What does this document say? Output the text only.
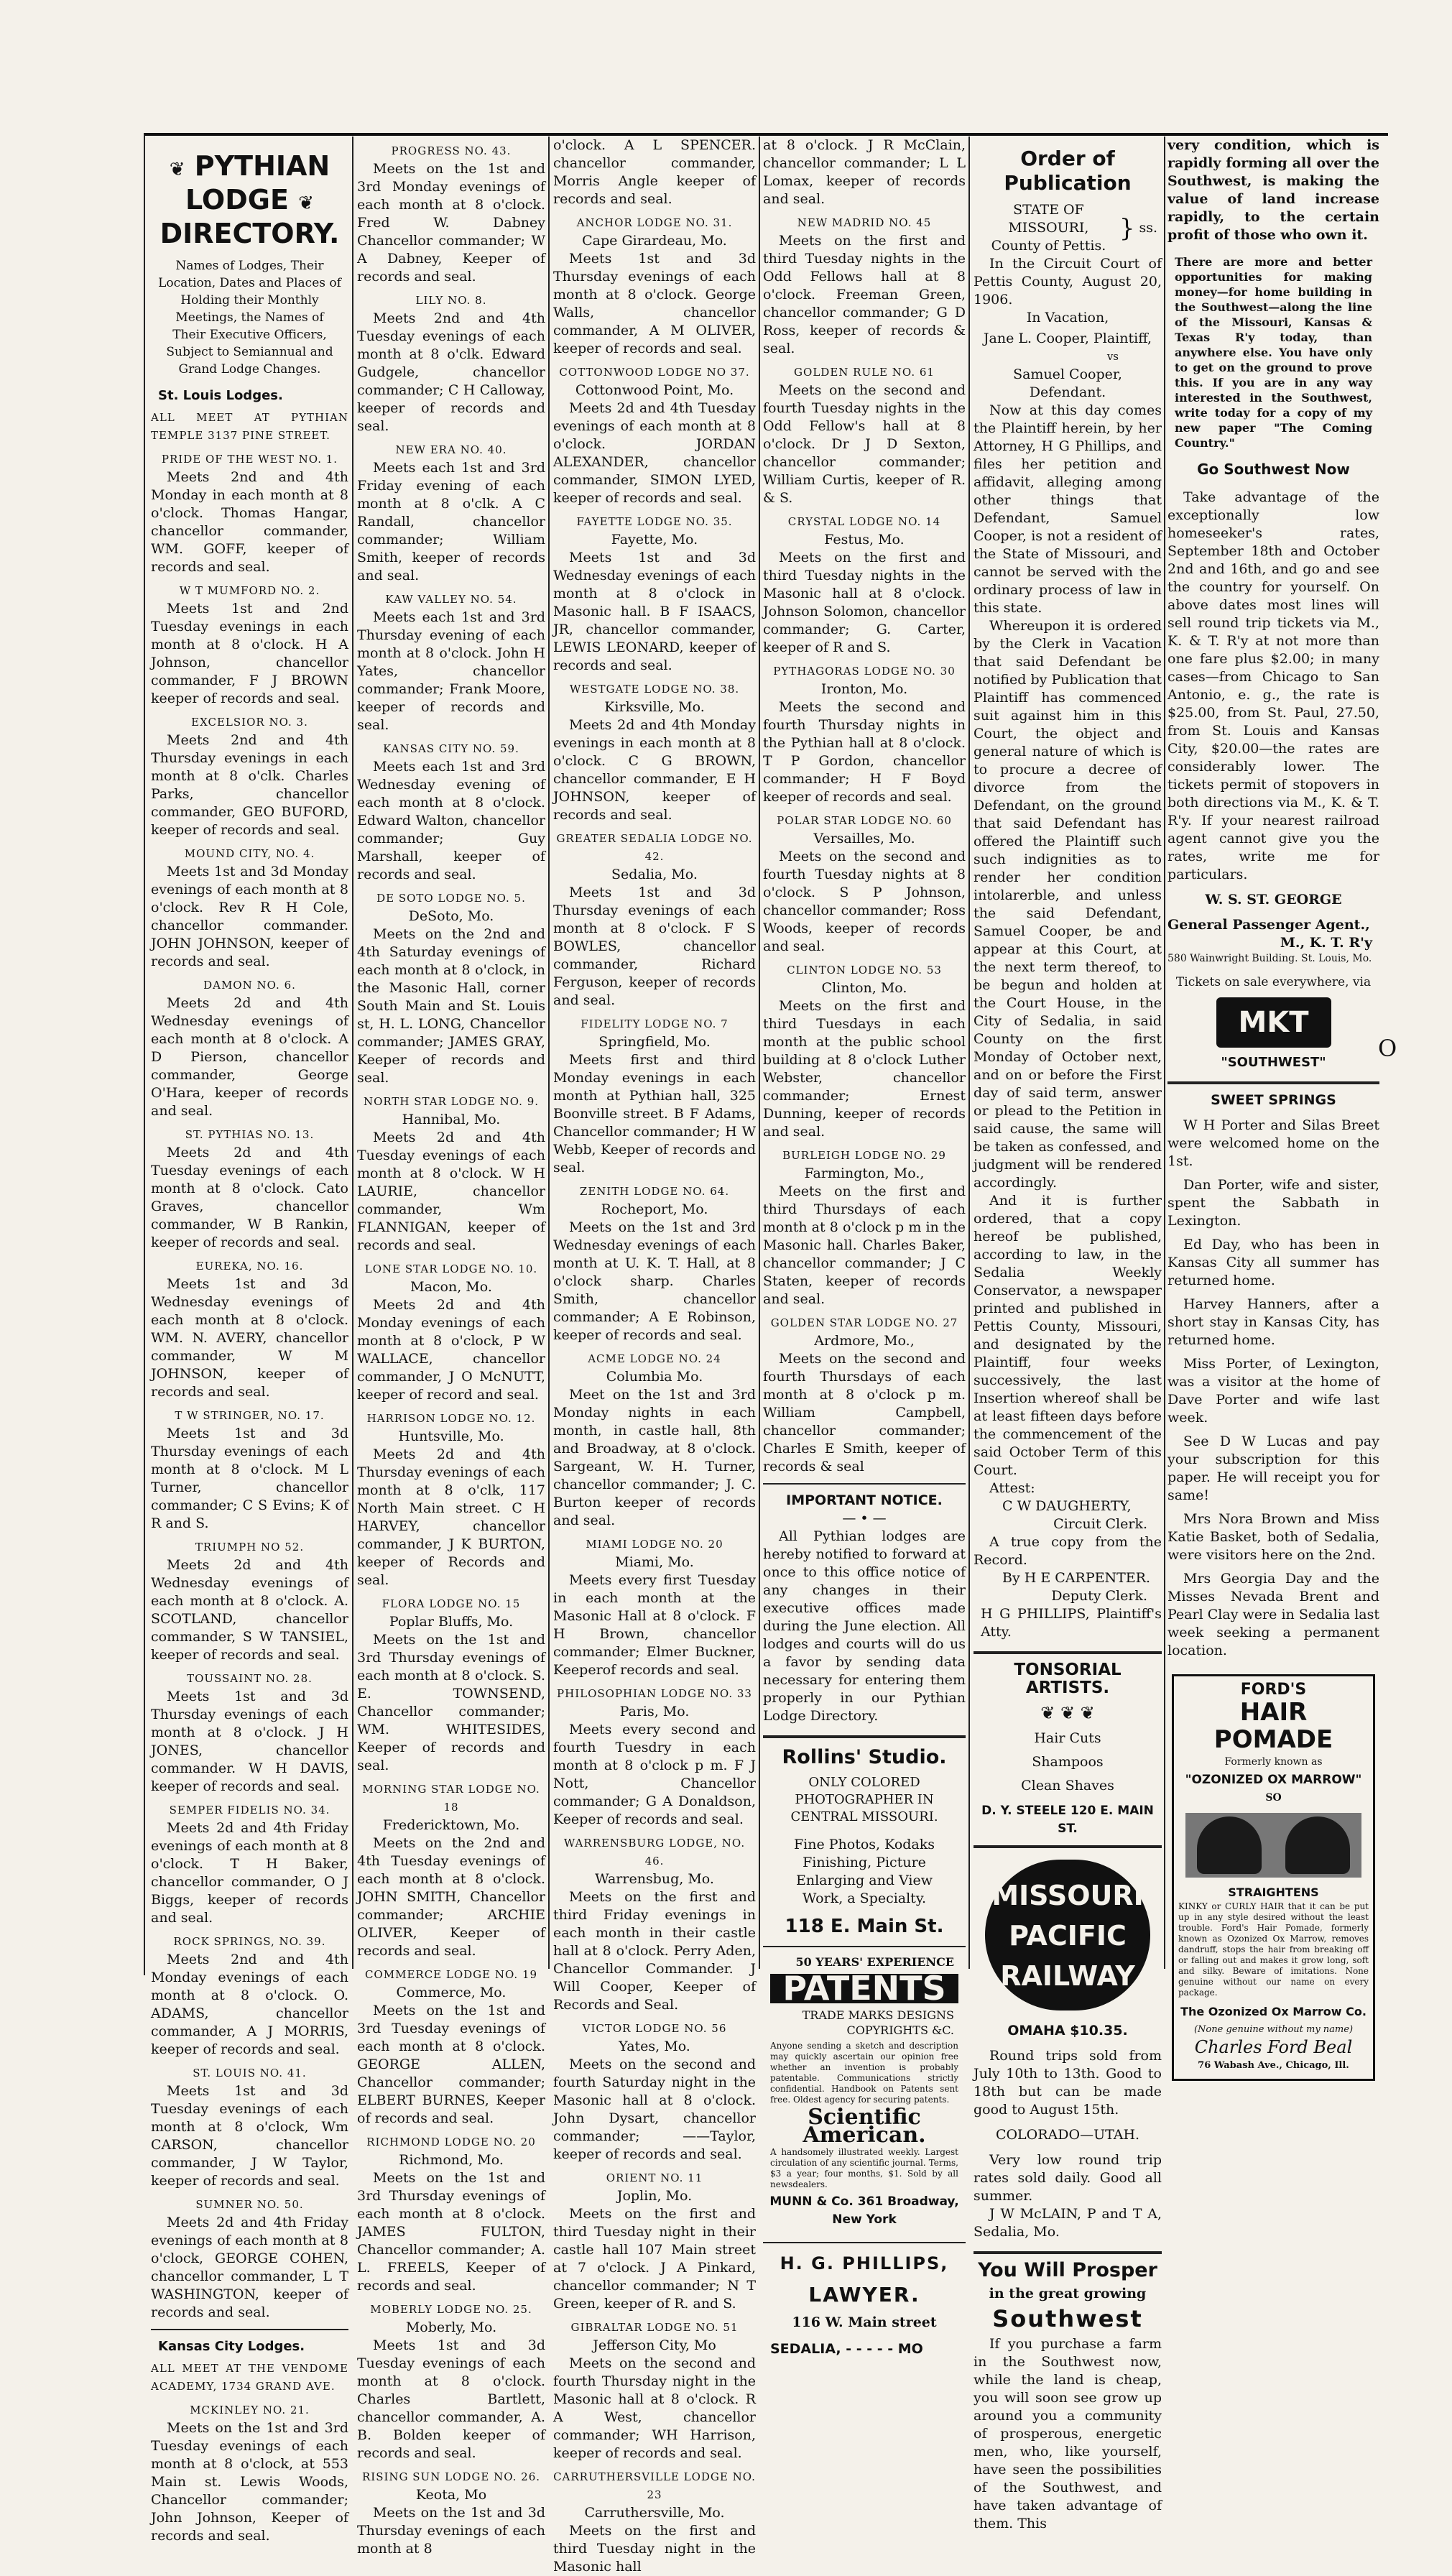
❦ PYTHIAN LODGE ❦
DIRECTORY.
Names of Lodges, Their Location, Dates and Places of Holding their Monthly Meetings, the Names of Their Executive Officers, Subject to Semiannual and Grand Lodge Changes.
St. Louis Lodges.
ALL MEET AT PYTHIAN TEMPLE 3137 PINE STREET.
PRIDE OF THE WEST NO. 1.
Meets 2nd and 4th Monday in each month at 8 o'clock. Thomas Hangar, chancellor commander, WM. GOFF, keeper of records and seal.
W T MUMFORD NO. 2.
Meets 1st and 2nd Tuesday evenings in each month at 8 o'clock. H A Johnson, chancellor commander, F J BROWN keeper of records and seal.
EXCELSIOR NO. 3.
Meets 2nd and 4th Thursday evenings in each month at 8 o'clk. Charles Parks, chancellor commander, GEO BUFORD, keeper of records and seal.
MOUND CITY, NO. 4.
Meets 1st and 3d Monday evenings of each month at 8 o'clock. Rev R H Cole, chancellor commander. JOHN JOHNSON, keeper of records and seal.
DAMON NO. 6.
Meets 2d and 4th Wednesday evenings of each month at 8 o'clock. A D Pierson, chancellor commander, George O'Hara, keeper of records and seal.
ST. PYTHIAS NO. 13.
Meets 2d and 4th Tuesday evenings of each month at 8 o'clock. Cato Graves, chancellor commander, W B Rankin, keeper of records and seal.
EUREKA, NO. 16.
Meets 1st and 3d Wednesday evenings of each month at 8 o'clock. WM. N. AVERY, chancellor commander, W M JOHNSON, keeper of records and seal.
T W STRINGER, NO. 17.
Meets 1st and 3d Thursday evenings of each month at 8 o'clock. M L Turner, chancellor commander; C S Evins; K of R and S.
TRIUMPH NO 52.
Meets 2d and 4th Wednesday evenings of each month at 8 o'clock. A. SCOTLAND, chancellor commander, S W TANSIEL, keeper of records and seal.
TOUSSAINT NO. 28.
Meets 1st and 3d Thursday evenings of each month at 8 o'clock. J H JONES, chancellor commander. W H DAVIS, keeper of records and seal.
SEMPER FIDELIS NO. 34.
Meets 2d and 4th Friday evenings of each month at 8 o'clock. T H Baker, chancellor commander, O J Biggs, keeper of records and seal.
ROCK SPRINGS, NO. 39.
Meets 2nd and 4th Monday evenings of each month at 8 o'clock. O. ADAMS, chancellor commander, A J MORRIS, keeper of records and seal.
ST. LOUIS NO. 41.
Meets 1st and 3d Tuesday evenings of each month at 8 o'clock, Wm CARSON, chancellor commander, J W Taylor, keeper of records and seal.
SUMNER NO. 50.
Meets 2d and 4th Friday evenings of each month at 8 o'clock, GEORGE COHEN, chancellor commander, L T WASHINGTON, keeper of records and seal.
Kansas City Lodges.
ALL MEET AT THE VENDOME ACADEMY, 1734 GRAND AVE.
MCKINLEY NO. 21.
Meets on the 1st and 3rd Tuesday evenings of each month at 8 o'clock, at 553 Main st. Lewis Woods, Chancellor commander; John Johnson, Keeper of records and seal.
PROGRESS NO. 43.
Meets on the 1st and 3rd Monday evenings of each month at 8 o'clock. Fred W. Dabney Chancellor commander; W A Dabney, Keeper of records and seal.
LILY NO. 8.
Meets 2nd and 4th Tuesday evenings of each month at 8 o'clk. Edward Gudgele, chancellor commander; C H Calloway, keeper of records and seal.
NEW ERA NO. 40.
Meets each 1st and 3rd Friday evening of each month at 8 o'clk. A C Randall, chancellor commander; William Smith, keeper of records and seal.
KAW VALLEY NO. 54.
Meets each 1st and 3rd Thursday evening of each month at 8 o'clock. John H Yates, chancellor commander; Frank Moore, keeper of records and seal.
KANSAS CITY NO. 59.
Meets each 1st and 3rd Wednesday evening of each month at 8 o'clock. Edward Walton, chancellor commander; Guy Marshall, keeper of records and seal.
DE SOTO LODGE NO. 5.
DeSoto, Mo.
Meets on the 2nd and 4th Saturday evenings of each month at 8 o'clock, in the Masonic Hall, corner South Main and St. Louis st, H. L. LONG, Chancellor commander; JAMES GRAY, Keeper of records and seal.
NORTH STAR LODGE NO. 9.
Hannibal, Mo.
Meets 2d and 4th Tuesday evenings of each month at 8 o'clock. W H LAURIE, chancellor commander, Wm FLANNIGAN, keeper of records and seal.
LONE STAR LODGE NO. 10.
Macon, Mo.
Meets 2d and 4th Monday evenings of each month at 8 o'clock, P W WALLACE, chancellor commander, J O McNUTT, keeper of record and seal.
HARRISON LODGE NO. 12.
Huntsville, Mo.
Meets 2d and 4th Thursday evenings of each month at 8 o'clk, 117 North Main street. C H HARVEY, chancellor commander, J K BURTON, keeper of Records and seal.
FLORA LODGE NO. 15
Poplar Bluffs, Mo.
Meets on the 1st and 3rd Thursday evenings of each month at 8 o'clock. S. E. TOWNSEND, Chancellor commander; WM. WHITESIDES, Keeper of records and seal.
MORNING STAR LODGE NO. 18
Fredericktown, Mo.
Meets on the 2nd and 4th Tuesday evenings of each month at 8 o'clock. JOHN SMITH, Chancellor commander; ARCHIE OLIVER, Keeper of records and seal.
COMMERCE LODGE NO. 19
Commerce, Mo.
Meets on the 1st and 3rd Tuesday evenings of each month at 8 o'clock. GEORGE ALLEN, Chancellor commander; ELBERT BURNES, Keeper of records and seal.
RICHMOND LODGE NO. 20
Richmond, Mo.
Meets on the 1st and 3rd Thursday evenings of each month at 8 o'clock. JAMES FULTON, Chancellor commander; A. L. FREELS, Keeper of records and seal.
MOBERLY LODGE NO. 25.
Moberly, Mo.
Meets 1st and 3d Tuesday evenings of each month at 8 o'clock. Charles Bartlett, chancellor commander, A. B. Bolden keeper of records and seal.
RISING SUN LODGE NO. 26.
Keota, Mo
Meets on the 1st and 3d Thursday evenings of each month at 8
o'clock. A L SPENCER. chancellor commander, Morris Angle keeper of records and seal.
ANCHOR LODGE NO. 31.
Cape Girardeau, Mo.
Meets 1st and 3d Thursday evenings of each month at 8 o'clock. George Walls, chancellor commander, A M OLIVER, keeper of records and seal.
COTTONWOOD LODGE NO 37.
Cottonwood Point, Mo.
Meets 2d and 4th Tuesday evenings of each month at 8 o'clock. JORDAN ALEXANDER, chancellor commander, SIMON LYED, keeper of records and seal.
FAYETTE LODGE NO. 35.
Fayette, Mo.
Meets 1st and 3d Wednesday evenings of each month at 8 o'clock in Masonic hall. B F ISAACS, JR, chancellor commander, LEWIS LEONARD, keeper of records and seal.
WESTGATE LODGE NO. 38.
Kirksville, Mo.
Meets 2d and 4th Monday evenings in each month at 8 o'clock. C G BROWN, chancellor commander, E H JOHNSON, keeper of records and seal.
GREATER SEDALIA LODGE NO. 42.
Sedalia, Mo.
Meets 1st and 3d Thursday evenings of each month at 8 o'clock. F S BOWLES, chancellor commander, Richard Ferguson, keeper of records and seal.
FIDELITY LODGE NO. 7
Springfield, Mo.
Meets first and third Monday evenings in each month at Pythian hall, 325 Boonville street. B F Adams, Chancellor commander; H W Webb, Keeper of records and seal.
ZENITH LODGE NO. 64.
Rocheport, Mo.
Meets on the 1st and 3rd Wednesday evenings of each month at U. K. T. Hall, at 8 o'clock sharp. Charles Smith, chancellor commander; A E Robinson, keeper of records and seal.
ACME LODGE NO. 24
Columbia Mo.
Meet on the 1st and 3rd Monday nights in each month, in castle hall, 8th and Broadway, at 8 o'clock. Sargeant, W. H. Turner, chancellor commander; J. C. Burton keeper of records and seal.
MIAMI LODGE NO. 20
Miami, Mo.
Meets every first Tuesday in each month at the Masonic Hall at 8 o'clock. F H Brown, chancellor commander; Elmer Buckner, Keeperof records and seal.
PHILOSOPHIAN LODGE NO. 33
Paris, Mo.
Meets every second and fourth Tuesdry in each month at 8 o'clock p m. F J Nott, Chancellor commander; G A Donaldson, Keeper of records and seal.
WARRENSBURG LODGE, NO. 46.
Warrensbug, Mo.
Meets on the first and third Friday evenings in each month in their castle hall at 8 o'clock. Perry Aden, Chancellor Commander. J Will Cooper, Keeper of Records and Seal.
VICTOR LODGE NO. 56
Yates, Mo.
Meets on the second and fourth Saturday night in the Masonic hall at 8 o'clock. John Dysart, chancellor commander; ——Taylor, keeper of records and seal.
ORIENT NO. 11
Joplin, Mo.
Meets on the first and third Tuesday night in their castle hall 107 Main street at 7 o'clock. J A Pinkard, chancellor commander; N T Green, keeper of R. and S.
GIBRALTAR LODGE NO. 51
Jefferson City, Mo
Meets on the second and fourth Thursday night in the Masonic hall at 8 o'clock. R A West, chancellor commander; WH Harrison, keeper of records and seal.
CARRUTHERSVILLE LODGE NO. 23
Carruthersville, Mo.
Meets on the first and third Tuesday night in the Masonic hall
at 8 o'clock. J R McClain, chancellor commander; L L Lomax, keeper of records and seal.
NEW MADRID NO. 45
Meets on the first and third Tuesday nights in the Odd Fellows hall at 8 o'clock. Freeman Green, chancellor commander; G D Ross, keeper of records & seal.
GOLDEN RULE NO. 61
Meets on the second and fourth Tuesday nights in the Odd Fellow's hall at 8 o'clock. Dr J D Sexton, chancellor commander; William Curtis, keeper of R. & S.
CRYSTAL LODGE NO. 14
Festus, Mo.
Meets on the first and third Tuesday nights in the Masonic hall at 8 o'clock. Johnson Solomon, chancellor commander; G. Carter, keeper of R and S.
PYTHAGORAS LODGE NO. 30
Ironton, Mo.
Meets the second and fourth Thursday nights in the Pythian hall at 8 o'clock. T P Gordon, chancellor commander; H F Boyd keeper of records and seal.
POLAR STAR LODGE NO. 60
Versailles, Mo.
Meets on the second and fourth Tuesday nights at 8 o'clock. S P Johnson, chancellor commander; Ross Woods, keeper of records and seal.
CLINTON LODGE NO. 53
Clinton, Mo.
Meets on the first and third Tuesdays in each month at the public school building at 8 o'clock Luther Webster, chancellor commander; Ernest Dunning, keeper of records and seal.
BURLEIGH LODGE NO. 29
Farmington, Mo.,
Meets on the first and third Thursdays of each month at 8 o'clock p m in the Masonic hall. Charles Baker, chancellor commander; J C Staten, keeper of records and seal.
GOLDEN STAR LODGE NO. 27
Ardmore, Mo.,
Meets on the second and fourth Thursdays of each month at 8 o'clock p m. William Campbell, chancellor commander; Charles E Smith, keeper of records & seal
IMPORTANT NOTICE.
— • —
All Pythian lodges are hereby notified to forward at once to this office notice of any changes in their executive offices made during the June election. All lodges and courts will do us a favor by sending data necessary for entering them properly in our Pythian Lodge Directory.
Rollins' Studio.
ONLY COLORED PHOTOGRAPHER IN CENTRAL MISSOURI.
Fine Photos, Kodaks Finishing, Picture Enlarging and View Work, a Specialty.
118 E. Main St.
50 YEARS' EXPERIENCE
PATENTS
TRADE MARKS DESIGNS COPYRIGHTS &C.
Anyone sending a sketch and description may quickly ascertain our opinion free whether an invention is probably patentable. Communications strictly confidential. Handbook on Patents sent free. Oldest agency for securing patents.
Scientific American.
A handsomely illustrated weekly. Largest circulation of any scientific journal. Terms, $3 a year; four months, $1. Sold by all newsdealers.
MUNN & Co. 361 Broadway, New York
H. G. PHILLIPS,
LAWYER.
116 W. Main street
SEDALIA, - - - - - MO
Order of Publication
STATE OF MISSOURI,
County of Pettis.
} ss.
In the Circuit Court of Pettis County, August 20, 1906.
In Vacation,
Jane L. Cooper, Plaintiff,
vs
Samuel Cooper, Defendant.
Now at this day comes the Plaintiff herein, by her Attorney, H G Phillips, and files her petition and affidavit, alleging among other things that Defendant, Samuel Cooper, is not a resident of the State of Missouri, and cannot be served with the ordinary process of law in this state.
Whereupon it is ordered by the Clerk in Vacation that said Defendant be notified by Publication that Plaintiff has commenced suit against him in this Court, the object and general nature of which is to procure a decree of divorce from the Defendant, on the ground that said Defendant has offered the Plaintiff such such indignities as to render her condition intolarerble, and unless the said Defendant, Samuel Cooper, be and appear at this Court, at the next term thereof, to be begun and holden at the Court House, in the City of Sedalia, in said County on the first Monday of October next, and on or before the First day of said term, answer or plead to the Petition in said cause, the same will be taken as confessed, and judgment will be rendered accordingly.
And it is further ordered, that a copy hereof be published, according to law, in the Sedalia Weekly Conservator, a newspaper printed and published in Pettis County, Missouri, and designated by the Plaintiff, four weeks successively, the last Insertion whereof shall be at least fifteen days before the commencement of the said October Term of this Court.
Attest:
C W DAUGHERTY,
Circuit Clerk.
A true copy from the Record.
By H E CARPENTER.
Deputy Clerk.
H G PHILLIPS, Plaintiff's Atty.
TONSORIAL ARTISTS.
❦ ❦ ❦
Hair Cuts
Shampoos
Clean Shaves
D. Y. STEELE 120 E. MAIN ST.
MISSOURI
PACIFIC
RAILWAY
OMAHA $10.35.
Round trips sold from July 10th to 13th. Good to 18th but can be made good to August 15th.
COLORADO—UTAH.
Very low round trip rates sold daily. Good all summer.
J W McLAIN, P and T A, Sedalia, Mo.
You Will Prosper
in the great growing
Southwest
If you purchase a farm in the Southwest now, while the land is cheap, you will soon see grow up around you a community of prosperous, energetic men, who, like yourself, have seen the possibilities of the Southwest, and have taken advantage of them. This
very condition, which is rapidly forming all over the Southwest, is making the value of land increase rapidly, to the certain profit of those who own it.
There are more and better opportunities for making money—for home building in the Southwest—along the line of the Missouri, Kansas & Texas R'y today, than anywhere else. You have only to get on the ground to prove this. If you are in any way interested in the Southwest, write today for a copy of my new paper "The Coming Country."
Go Southwest Now
Take advantage of the exceptionally low homeseeker's rates, September 18th and October 2nd and 16th, and go and see the country for yourself. On above dates most lines will sell round trip tickets via M., K. & T. R'y at not more than one fare plus $2.00; in many cases—from Chicago to San Antonio, e. g., the rate is $25.00, from St. Paul, 27.50, from St. Louis and Kansas City, $20.00—the rates are considerably lower. The tickets permit of stopovers in both directions via M., K. & T. R'y. If your nearest railroad agent cannot give you the rates, write me for particulars.
W. S. ST. GEORGE
General Passenger Agent.,
M., K. T. R'y
580 Wainwright Building. St. Louis, Mo.
Tickets on sale everywhere, via
MKT
"SOUTHWEST"
SWEET SPRINGS
W H Porter and Silas Breet were welcomed home on the 1st.
Dan Porter, wife and sister, spent the Sabbath in Lexington.
Ed Day, who has been in Kansas City all summer has returned home.
Harvey Hanners, after a short stay in Kansas City, has returned home.
Miss Porter, of Lexington, was a visitor at the home of Dave Porter and wife last week.
See D W Lucas and pay your subscription for this paper. He will receipt you for same!
Mrs Nora Brown and Miss Katie Basket, both of Sedalia, were visitors here on the 2nd.
Mrs Georgia Day and the Misses Nevada Brent and Pearl Clay were in Sedalia last week seeking a permanent location.
FORD'S
HAIR POMADE
Formerly known as
"OZONIZED OX MARROW"
SO
STRAIGHTENS
KINKY or CURLY HAIR that it can be put up in any style desired without the least trouble. Ford's Hair Pomade, formerly known as Ozonized Ox Marrow, removes dandruff, stops the hair from breaking off or falling out and makes it grow long, soft and silky. Beware of imitations. None genuine without our name on every package.
The Ozonized Ox Marrow Co.
(None genuine without my name)
Charles Ford Beal
76 Wabash Ave., Chicago, Ill.
O
